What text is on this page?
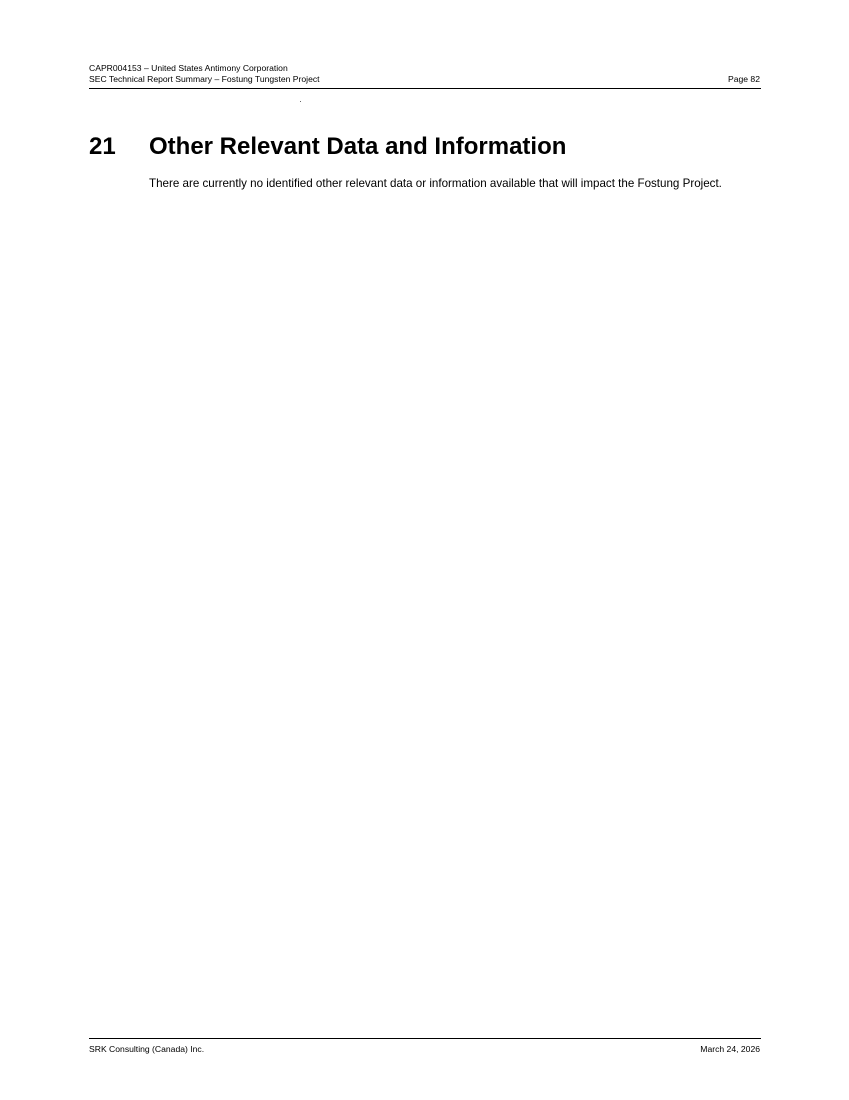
CAPR004153 – United States Antimony Corporation
SEC Technical Report Summary – Fostung Tungsten Project	Page 82
21 Other Relevant Data and Information

There are currently no identified other relevant data or information available that will impact the Fostung Project.

SRK Consulting (Canada) Inc.	March 24, 2026
